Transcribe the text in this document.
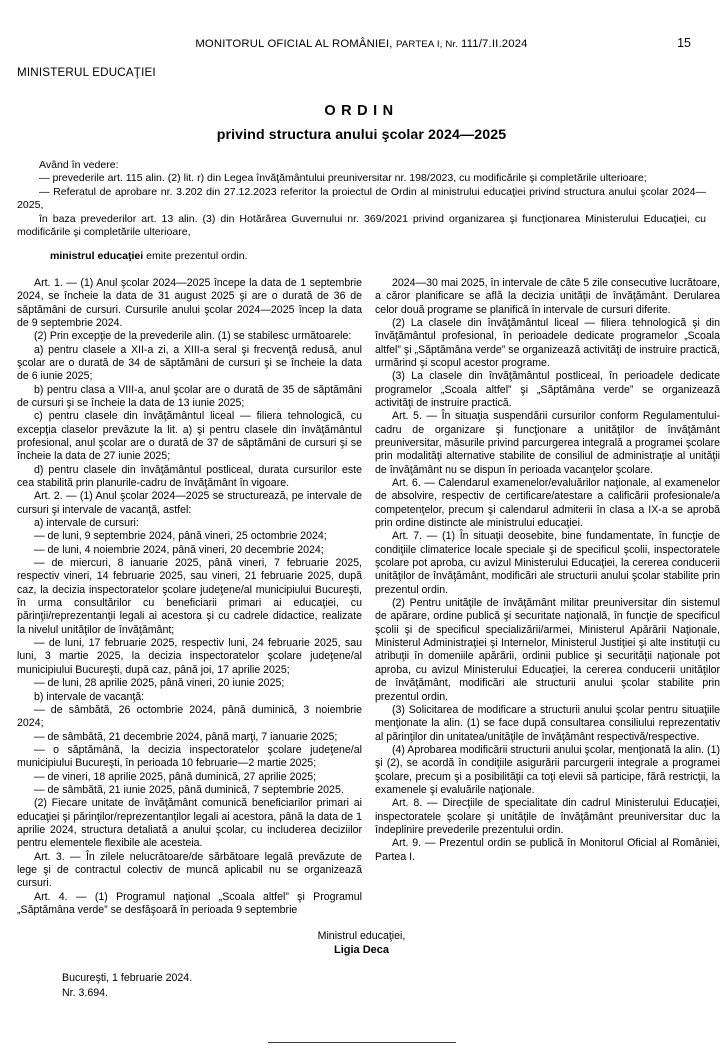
MONITORUL OFICIAL AL ROMÂNIEI, PARTEA I, Nr. 111/7.II.2024	15
MINISTERUL EDUCAŢIEI
ORDIN
privind structura anului şcolar 2024—2025

Având în vedere:

— prevederile art. 115 alin. (2) lit. r) din Legea învăţământului preuniversitar nr. 198/2023, cu modificările şi completările ulterioare;

— Referatul de aprobare nr. 3.202 din 27.12.2023 referitor la proiectul de Ordin al ministrului educaţiei privind structura anului şcolar 2024—2025,

în baza prevederilor art. 13 alin. (3) din Hotărârea Guvernului nr. 369/2021 privind organizarea şi funcţionarea Ministerului Educaţiei, cu modificările şi completările ulterioare,

ministrul educaţiei emite prezentul ordin.

Art. 1. — (1) Anul şcolar 2024—2025 începe la data de 1 septembrie 2024, se încheie la data de 31 august 2025 şi are o durată de 36 de săptămâni de cursuri. Cursurile anului şcolar 2024—2025 încep la data de 9 septembrie 2024.

(2) Prin excepţie de la prevederile alin. (1) se stabilesc următoarele:

a) pentru clasele a XII-a zi, a XIII-a seral şi frecvenţă redusă, anul şcolar are o durată de 34 de săptămâni de cursuri şi se încheie la data de 6 iunie 2025;

b) pentru clasa a VIII-a, anul şcolar are o durată de 35 de săptămâni de cursuri şi se încheie la data de 13 iunie 2025;

c) pentru clasele din învăţământul liceal — filiera tehnologică, cu excepţia claselor prevăzute la lit. a) şi pentru clasele din învăţământul profesional, anul şcolar are o durată de 37 de săptămâni de cursuri şi se încheie la data de 27 iunie 2025;

d) pentru clasele din învăţământul postliceal, durata cursurilor este cea stabilită prin planurile-cadru de învăţământ în vigoare.

Art. 2. — (1) Anul şcolar 2024—2025 se structurează, pe intervale de cursuri şi intervale de vacanţă, astfel:

a) intervale de cursuri:

— de luni, 9 septembrie 2024, până vineri, 25 octombrie 2024;

— de luni, 4 noiembrie 2024, până vineri, 20 decembrie 2024;

— de miercuri, 8 ianuarie 2025, până vineri, 7 februarie 2025, respectiv vineri, 14 februarie 2025, sau vineri, 21 februarie 2025, după caz, la decizia inspectoratelor şcolare judeţene/al municipiului Bucureşti, în urma consultărilor cu beneficiarii primari ai educaţiei, cu părinţii/reprezentanţii legali ai acestora şi cu cadrele didactice, realizate la nivelul unităţilor de învăţământ;

— de luni, 17 februarie 2025, respectiv luni, 24 februarie 2025, sau luni, 3 martie 2025, la decizia inspectoratelor şcolare judeţene/al municipiului Bucureşti, după caz, până joi, 17 aprilie 2025;

— de luni, 28 aprilie 2025, până vineri, 20 iunie 2025;

b) intervale de vacanţă:

— de sâmbătă, 26 octombrie 2024, până duminică, 3 noiembrie 2024;

— de sâmbătă, 21 decembrie 2024, până marţi, 7 ianuarie 2025;

— o săptămână, la decizia inspectoratelor şcolare judeţene/al municipiului Bucureşti, în perioada 10 februarie—2 martie 2025;

— de vineri, 18 aprilie 2025, până duminică, 27 aprilie 2025;

— de sâmbătă, 21 iunie 2025, până duminică, 7 septembrie 2025.

(2) Fiecare unitate de învăţământ comunică beneficiarilor primari ai educaţiei şi părinţilor/reprezentanţilor legali ai acestora, până la data de 1 aprilie 2024, structura detaliată a anului şcolar, cu includerea deciziilor pentru elementele flexibile ale acesteia.

Art. 3. — În zilele nelucrătoare/de sărbătoare legală prevăzute de lege şi de contractul colectiv de muncă aplicabil nu se organizează cursuri.

Art. 4. — (1) Programul naţional „Scoala altfel” şi Programul „Săptămâna verde” se desfăşoară în perioada 9 septembrie

2024—30 mai 2025, în intervale de câte 5 zile consecutive lucrătoare, a căror planificare se află la decizia unităţii de învăţământ. Derularea celor două programe se planifică în intervale de cursuri diferite.

(2) La clasele din învăţământul liceal — filiera tehnologică şi din învăţământul profesional, în perioadele dedicate programelor „Scoala altfel” şi „Săptămâna verde” se organizează activităţi de instruire practică, urmărind şi scopul acestor programe.

(3) La clasele din învăţământul postliceal, în perioadele dedicate programelor „Scoala altfel” şi „Săptămâna verde” se organizează activităţi de instruire practică.

Art. 5. — În situaţia suspendării cursurilor conform Regulamentului-cadru de organizare şi funcţionare a unităţilor de învăţământ preuniversitar, măsurile privind parcurgerea integrală a programei şcolare prin modalităţi alternative stabilite de consiliul de administraţie al unităţii de învăţământ nu se dispun în perioada vacanţelor şcolare.

Art. 6. — Calendarul examenelor/evaluărilor naţionale, al examenelor de absolvire, respectiv de certificare/atestare a calificării profesionale/a competenţelor, precum şi calendarul admiterii în clasa a IX-a se aprobă prin ordine distincte ale ministrului educaţiei.

Art. 7. — (1) În situaţii deosebite, bine fundamentate, în funcţie de condiţiile climaterice locale speciale şi de specificul şcolii, inspectoratele şcolare pot aproba, cu avizul Ministerului Educaţiei, la cererea conducerii unităţilor de învăţământ, modificări ale structurii anului şcolar stabilite prin prezentul ordin.

(2) Pentru unităţile de învăţământ militar preuniversitar din sistemul de apărare, ordine publică şi securitate naţională, în funcţie de specificul şcolii şi de specificul specializării/armei, Ministerul Apărării Naţionale, Ministerul Administraţiei şi Internelor, Ministerul Justiţiei şi alte instituţii cu atribuţii în domeniile apărării, ordinii publice şi securităţii naţionale pot aproba, cu avizul Ministerului Educaţiei, la cererea conducerii unităţilor de învăţământ, modificări ale structurii anului şcolar stabilite prin prezentul ordin.

(3) Solicitarea de modificare a structurii anului şcolar pentru situaţiile menţionate la alin. (1) se face după consultarea consiliului reprezentativ al părinţilor din unitatea/unităţile de învăţământ respectivă/respective.

(4) Aprobarea modificării structurii anului şcolar, menţionată la alin. (1) şi (2), se acordă în condiţiile asigurării parcurgerii integrale a programei şcolare, precum şi a posibilităţii ca toţi elevii să participe, fără restricţii, la examenele şi evaluările naţionale.

Art. 8. — Direcţiile de specialitate din cadrul Ministerului Educaţiei, inspectoratele şcolare şi unităţile de învăţământ preuniversitar duc la îndeplinire prevederile prezentului ordin.

Art. 9. — Prezentul ordin se publică în Monitorul Oficial al României, Partea I.

Ministrul educaţiei,
Ligia Deca
Bucureşti, 1 februarie 2024.
Nr. 3.694.
